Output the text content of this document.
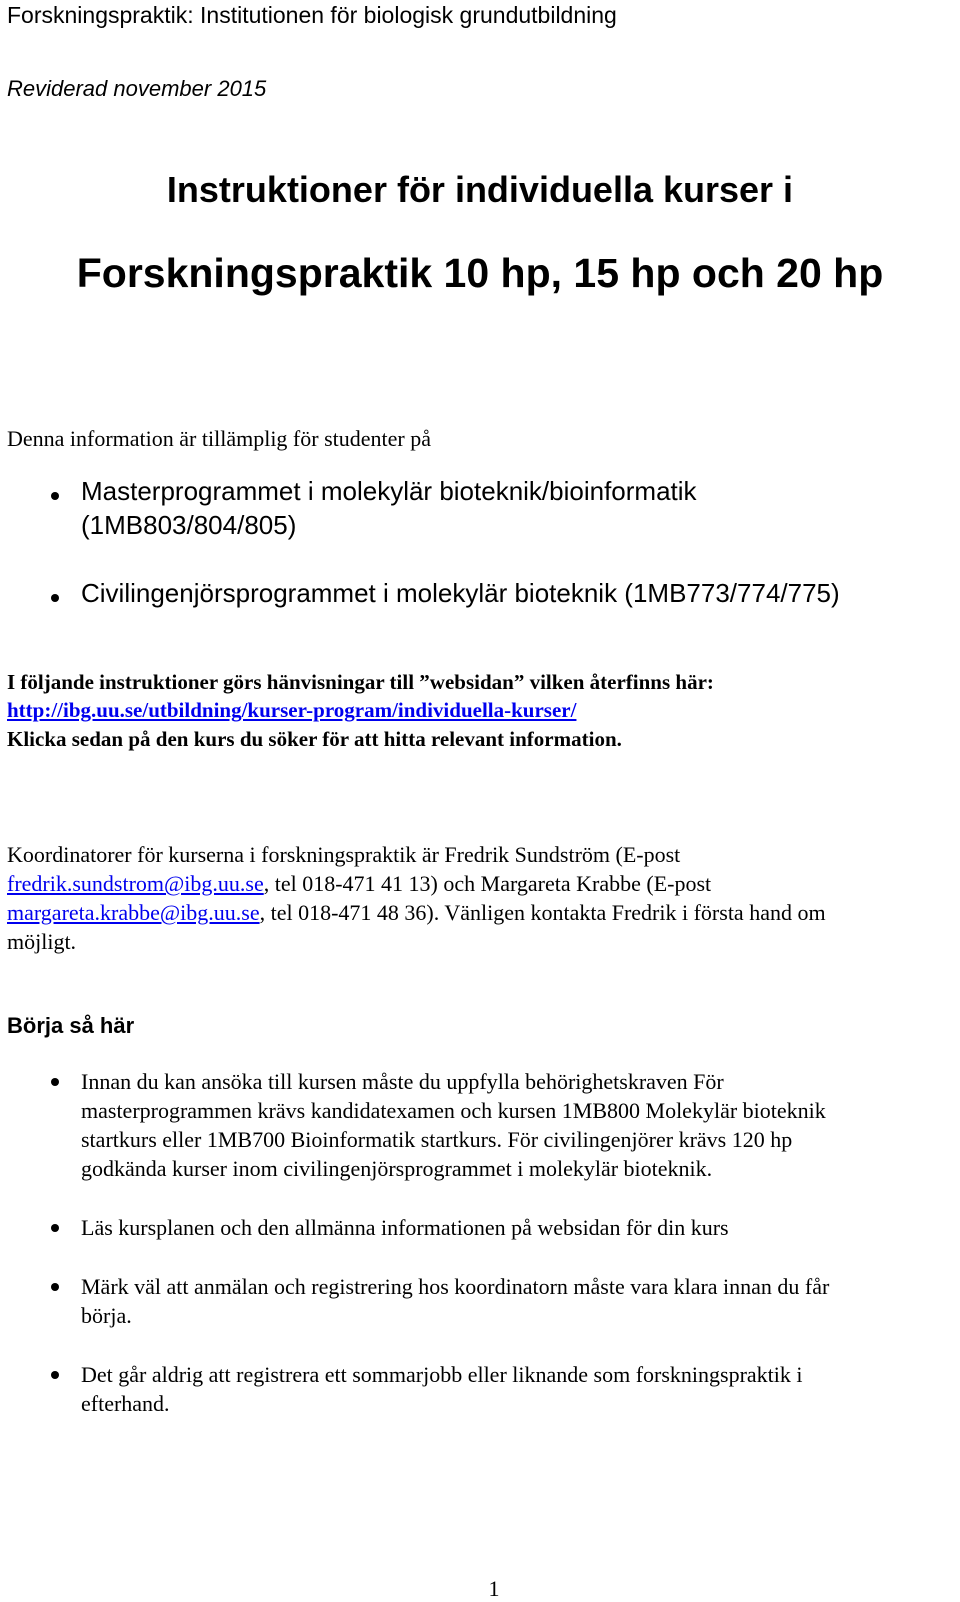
Forskningspraktik: Institutionen för biologisk grundutbildning
Reviderad november 2015
Instruktioner för individuella kurser i
Forskningspraktik 10 hp, 15 hp och 20 hp
Denna information är tillämplig för studenter på
Masterprogrammet i molekylär bioteknik/bioinformatik
(1MB803/804/805)
Civilingenjörsprogrammet i molekylär bioteknik (1MB773/774/775)
I följande instruktioner görs hänvisningar till ”websidan” vilken återfinns här:
http://ibg.uu.se/utbildning/kurser-program/individuella-kurser/
Klicka sedan på den kurs du söker för att hitta relevant information.
Koordinatorer för kurserna i forskningspraktik är Fredrik Sundström (E-post
fredrik.sundstrom@ibg.uu.se, tel 018-471 41 13) och Margareta Krabbe (E-post
margareta.krabbe@ibg.uu.se, tel 018-471 48 36). Vänligen kontakta Fredrik i första hand om
möjligt.
Börja så här
Innan du kan ansöka till kursen måste du uppfylla behörighetskraven För
masterprogrammen krävs kandidatexamen och kursen 1MB800 Molekylär bioteknik
startkurs eller 1MB700 Bioinformatik startkurs. För civilingenjörer krävs 120 hp
godkända kurser inom civilingenjörsprogrammet i molekylär bioteknik.
Läs kursplanen och den allmänna informationen på websidan för din kurs
Märk väl att anmälan och registrering hos koordinatorn måste vara klara innan du får
börja.
Det går aldrig att registrera ett sommarjobb eller liknande som forskningspraktik i
efterhand.
1
